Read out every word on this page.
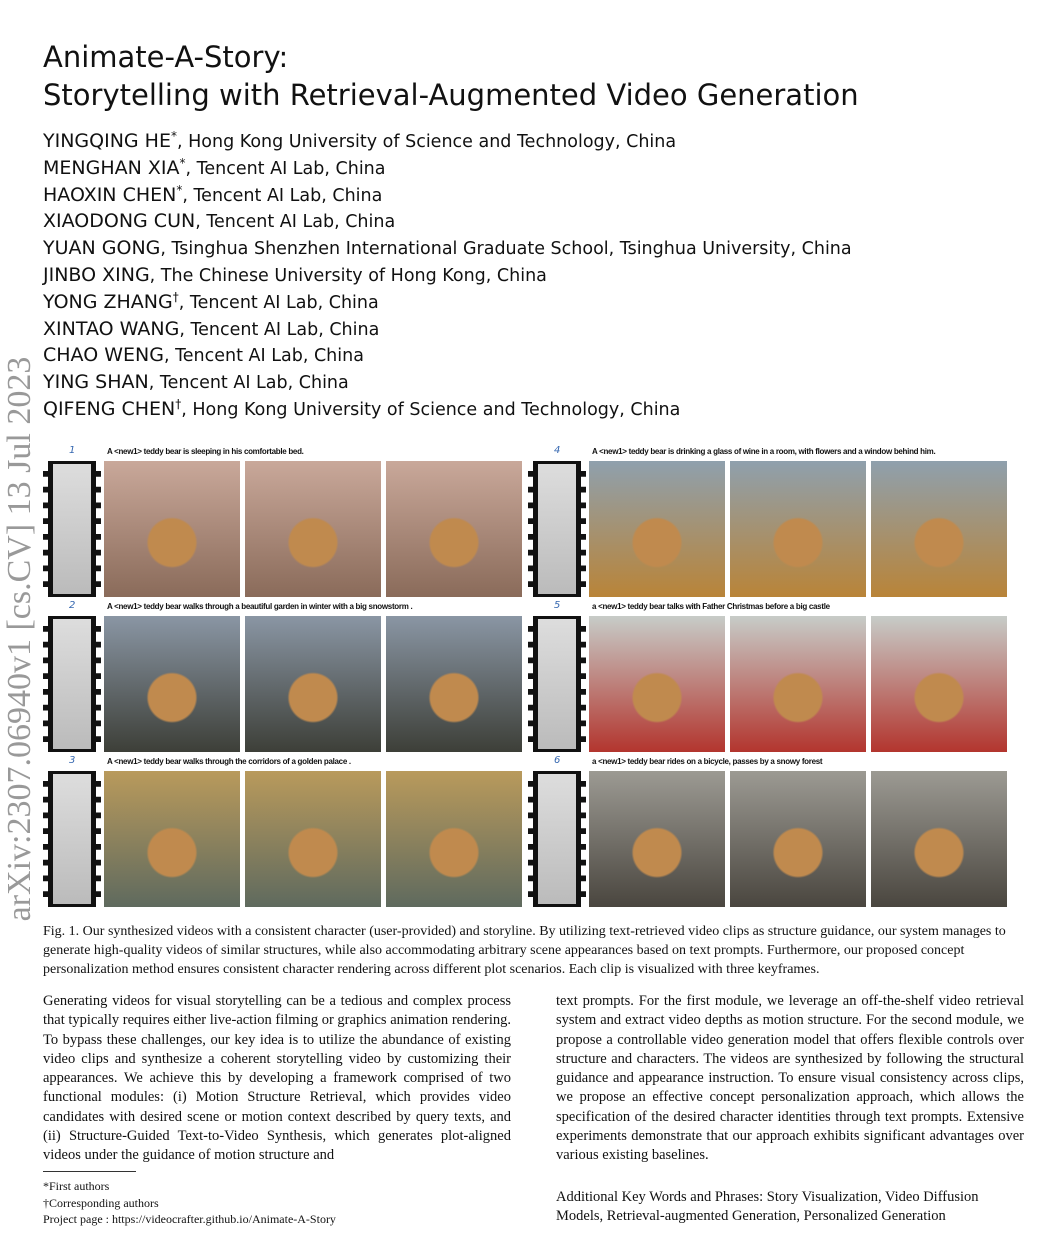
arXiv:2307.06940v1 [cs.CV] 13 Jul 2023
Animate-A-Story:
Storytelling with Retrieval-Augmented Video Generation
YINGQING HE*, Hong Kong University of Science and Technology, China
MENGHAN XIA*, Tencent AI Lab, China
HAOXIN CHEN*, Tencent AI Lab, China
XIAODONG CUN, Tencent AI Lab, China
YUAN GONG, Tsinghua Shenzhen International Graduate School, Tsinghua University, China
JINBO XING, The Chinese University of Hong Kong, China
YONG ZHANG†, Tencent AI Lab, China
XINTAO WANG, Tencent AI Lab, China
CHAO WENG, Tencent AI Lab, China
YING SHAN, Tencent AI Lab, China
QIFENG CHEN†, Hong Kong University of Science and Technology, China
1	A <new1> teddy bear is sleeping in his comfortable bed.
2	A <new1> teddy bear walks through a beautiful garden in winter with a big snowstorm .
3	A <new1> teddy bear walks through the corridors of a golden palace .
4	A <new1> teddy bear is drinking a glass of wine in a room, with flowers and a window behind him.
5	a <new1> teddy bear talks with Father Christmas before a big castle
6	a <new1> teddy bear rides on a bicycle, passes by a snowy forest
Fig. 1. Our synthesized videos with a consistent character (user-provided) and storyline. By utilizing text-retrieved video clips as structure guidance, our system manages to generate high-quality videos of similar structures, while also accommodating arbitrary scene appearances based on text prompts. Furthermore, our proposed concept personalization method ensures consistent character rendering across different plot scenarios. Each clip is visualized with three keyframes.
Generating videos for visual storytelling can be a tedious and complex process that typically requires either live-action filming or graphics animation rendering. To bypass these challenges, our key idea is to utilize the abundance of existing video clips and synthesize a coherent storytelling video by customizing their appearances. We achieve this by developing a framework comprised of two functional modules: (i) Motion Structure Retrieval, which provides video candidates with desired scene or motion context described by query texts, and (ii) Structure-Guided Text-to-Video Synthesis, which generates plot-aligned videos under the guidance of motion structure and
text prompts. For the first module, we leverage an off-the-shelf video retrieval system and extract video depths as motion structure. For the second module, we propose a controllable video generation model that offers flexible controls over structure and characters. The videos are synthesized by following the structural guidance and appearance instruction. To ensure visual consistency across clips, we propose an effective concept personalization approach, which allows the specification of the desired character identities through text prompts. Extensive experiments demonstrate that our approach exhibits significant advantages over various existing baselines.
*First authors
†Corresponding authors
Project page : https://videocrafter.github.io/Animate-A-Story
Additional Key Words and Phrases: Story Visualization, Video Diffusion Models, Retrieval-augmented Generation, Personalized Generation
